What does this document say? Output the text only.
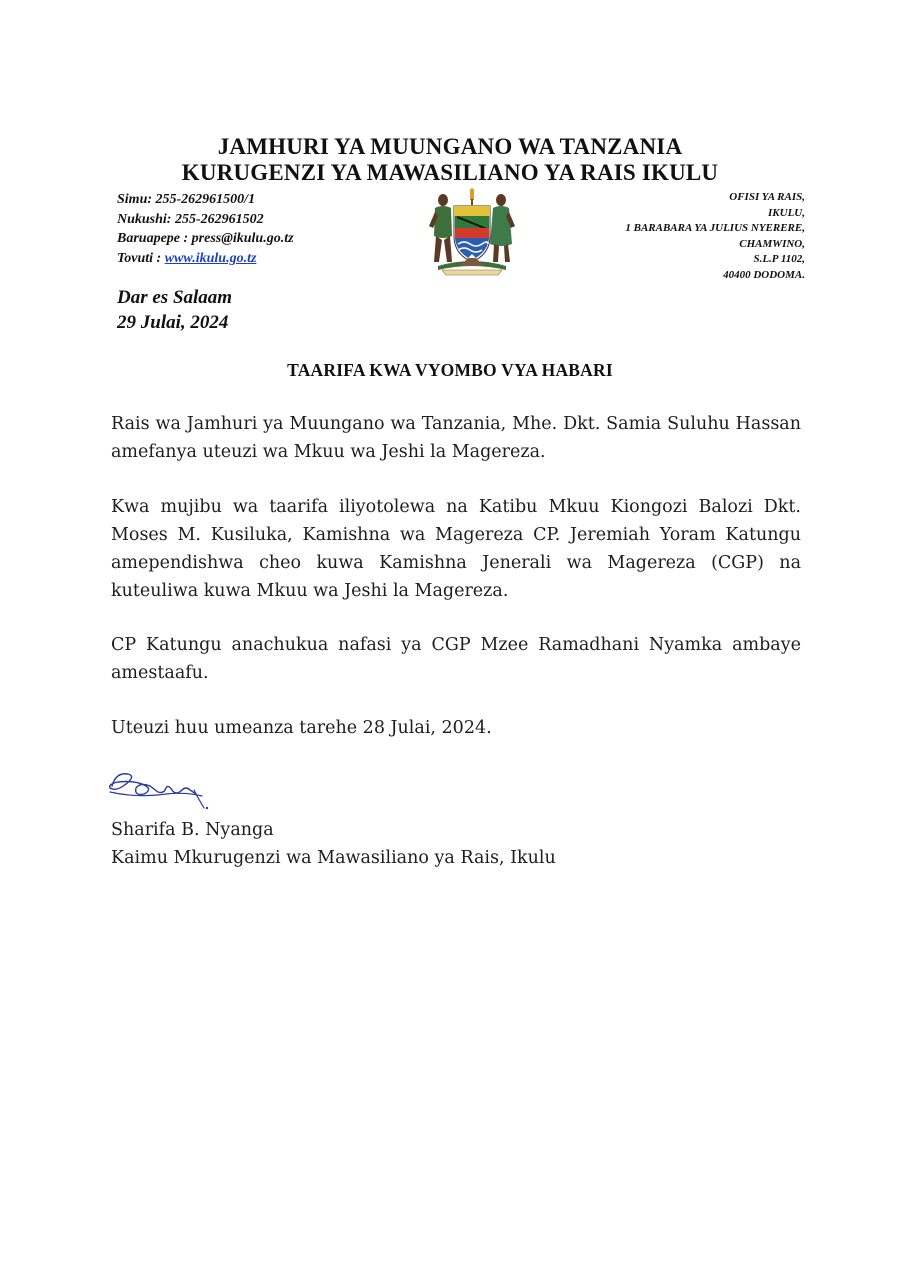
JAMHURI YA MUUNGANO WA TANZANIA
KURUGENZI YA MAWASILIANO YA RAIS IKULU
Simu: 255-262961500/1
Nukushi: 255-262961502
Baruapepe : press@ikulu.go.tz
Tovuti : www.ikulu.go.tz
OFISI YA RAIS,
IKULU,
1 BARABARA YA JULIUS NYERERE,
CHAMWINO,
S.L.P 1102,
40400 DODOMA.
Dar es Salaam
29 Julai, 2024
TAARIFA KWA VYOMBO VYA HABARI

Rais wa Jamhuri ya Muungano wa Tanzania, Mhe. Dkt. Samia Suluhu Hassan amefanya uteuzi wa Mkuu wa Jeshi la Magereza.

Kwa mujibu wa taarifa iliyotolewa na Katibu Mkuu Kiongozi Balozi Dkt. Moses M. Kusiluka, Kamishna wa Magereza CP. Jeremiah Yoram Katungu amependishwa cheo kuwa Kamishna Jenerali wa Magereza (CGP) na kuteuliwa kuwa Mkuu wa Jeshi la Magereza.

CP Katungu anachukua nafasi ya CGP Mzee Ramadhani Nyamka ambaye amestaafu.

Uteuzi huu umeanza tarehe 28 Julai, 2024.

Sharifa B. Nyanga
Kaimu Mkurugenzi wa Mawasiliano ya Rais, Ikulu
